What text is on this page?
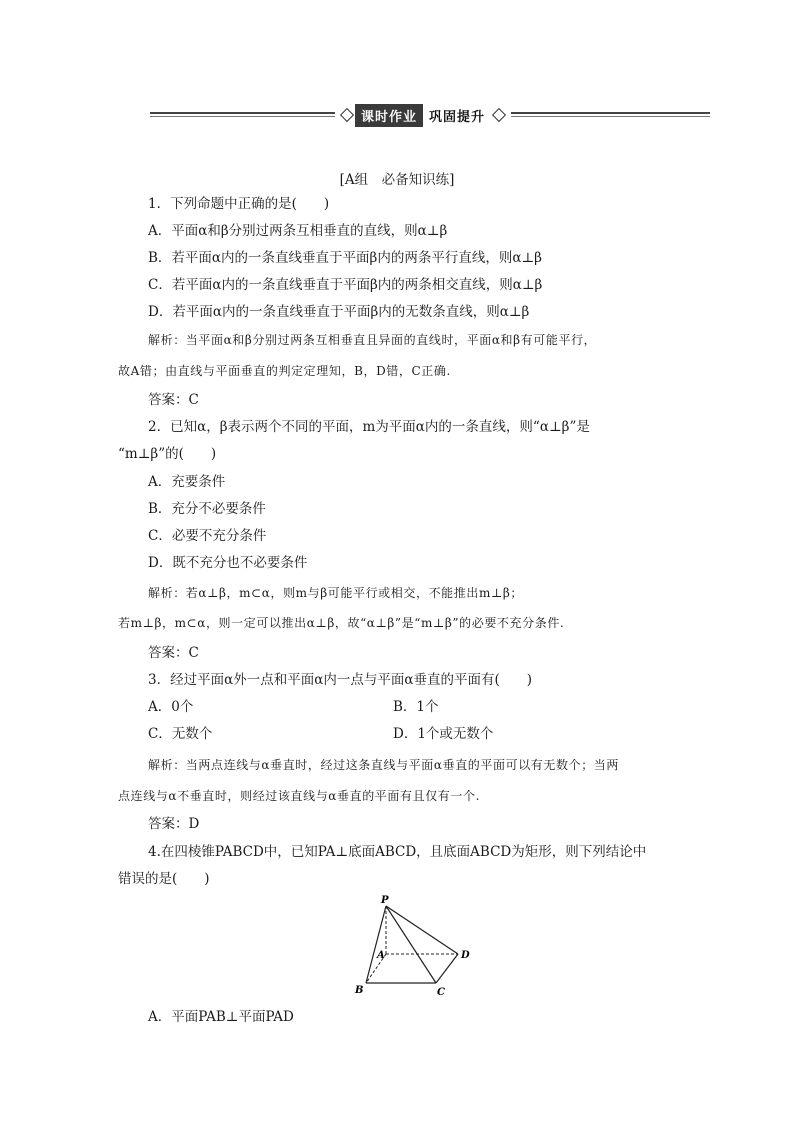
课时作业 巩固提升
[A组　必备知识练]
1．下列命题中正确的是(　　)
A．平面α和β分别过两条互相垂直的直线，则α⊥β
B．若平面α内的一条直线垂直于平面β内的两条平行直线，则α⊥β
C．若平面α内的一条直线垂直于平面β内的两条相交直线，则α⊥β
D．若平面α内的一条直线垂直于平面β内的无数条直线，则α⊥β
解析：当平面α和β分别过两条互相垂直且异面的直线时，平面α和β有可能平行，
故A错；由直线与平面垂直的判定定理知，B，D错，C正确.
答案：C
2．已知α，β表示两个不同的平面，m为平面α内的一条直线，则“α⊥β”是
“m⊥β”的(　　)
A．充要条件
B．充分不必要条件
C．必要不充分条件
D．既不充分也不必要条件
解析：若α⊥β，m⊂α，则m与β可能平行或相交，不能推出m⊥β；
若m⊥β，m⊂α，则一定可以推出α⊥β，故“α⊥β”是“m⊥β”的必要不充分条件.
答案：C
3．经过平面α外一点和平面α内一点与平面α垂直的平面有(　　)
A．0个	B．1个
C．无数个	D．1个或无数个
解析：当两点连线与α垂直时，经过这条直线与平面α垂直的平面可以有无数个；当两
点连线与α不垂直时，则经过该直线与α垂直的平面有且仅有一个.
答案：D
4.在四棱锥PABCD中，已知PA⊥底面ABCD，且底面ABCD为矩形，则下列结论中
错误的是(　　)
P
A
B	C
D
A．平面PAB⊥平面PAD
